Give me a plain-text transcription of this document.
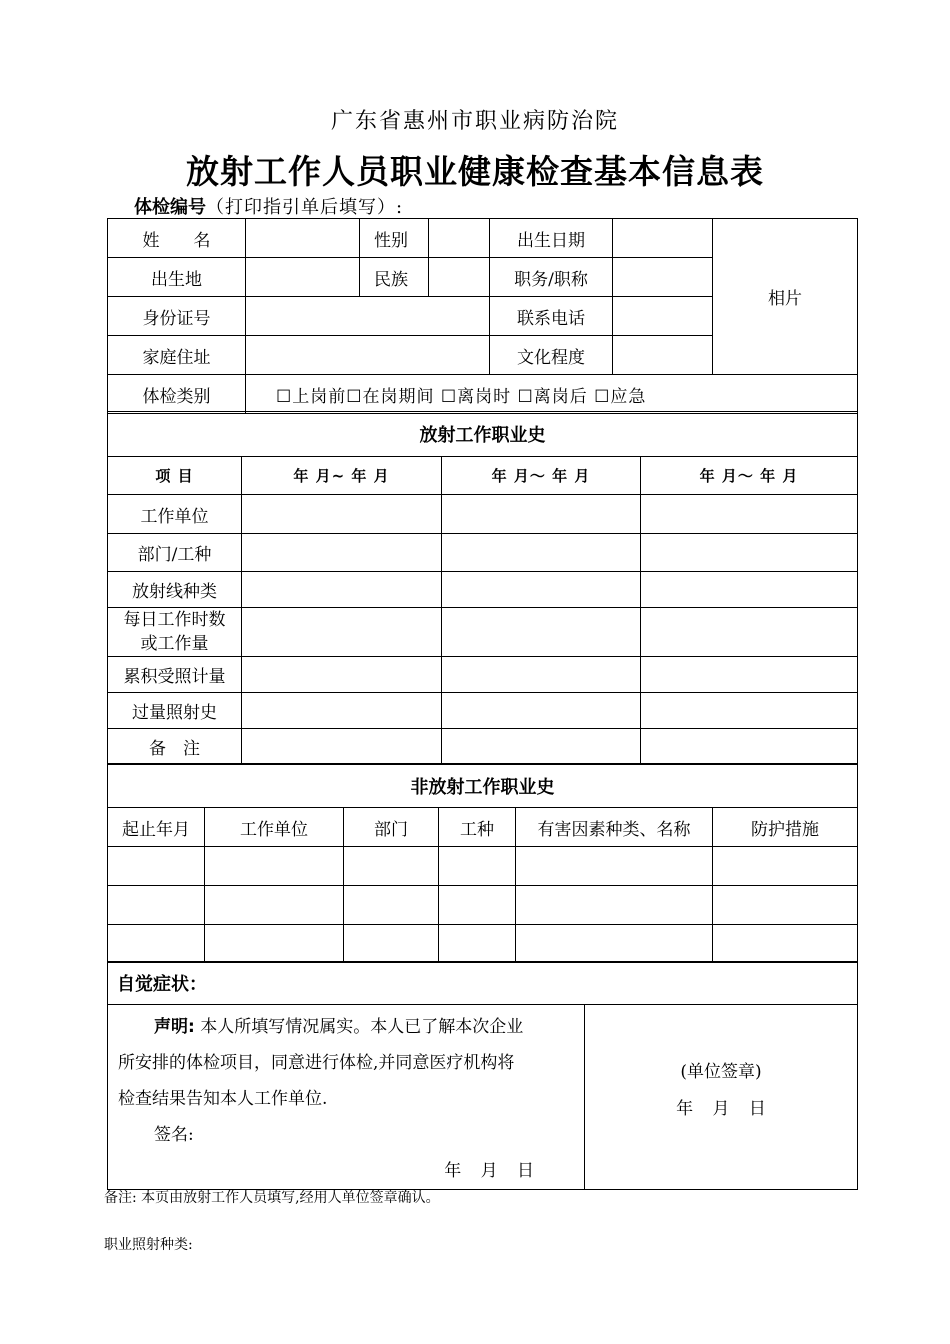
广东省惠州市职业病防治院
放射工作人员职业健康检查基本信息表
体检编号（打印指引单后填写）:
姓　　名		性别		出生日期		相片
出生地		民族		职务/职称		
身份证号				联系电话		
家庭住址				文化程度		
体检类别	☐上岗前☐在岗期间 ☐离岗时 ☐离岗后 ☐应急					
放射工作职业史			
项 目	年 月~ 年 月	年 月～ 年 月	年 月～ 年 月
工作单位			
部门/工种			
放射线种类			

每日工作时数
或工作量			

累积受照计量			
过量照射史			
备　注			
非放射工作职业史					
起止年月	工作单位	部门	工种	有害因素种类、名称	防护措施

自觉症状：

声明: 本人所填写情况属实。本人已了解本次企业
所安排的体检项目，同意进行体检,并同意医疗机构将
检查结果告知本人工作单位.
签名:
年 月 日

(单位签章)
年 月 日
备注: 本页由放射工作人员填写,经用人单位签章确认。
职业照射种类:
